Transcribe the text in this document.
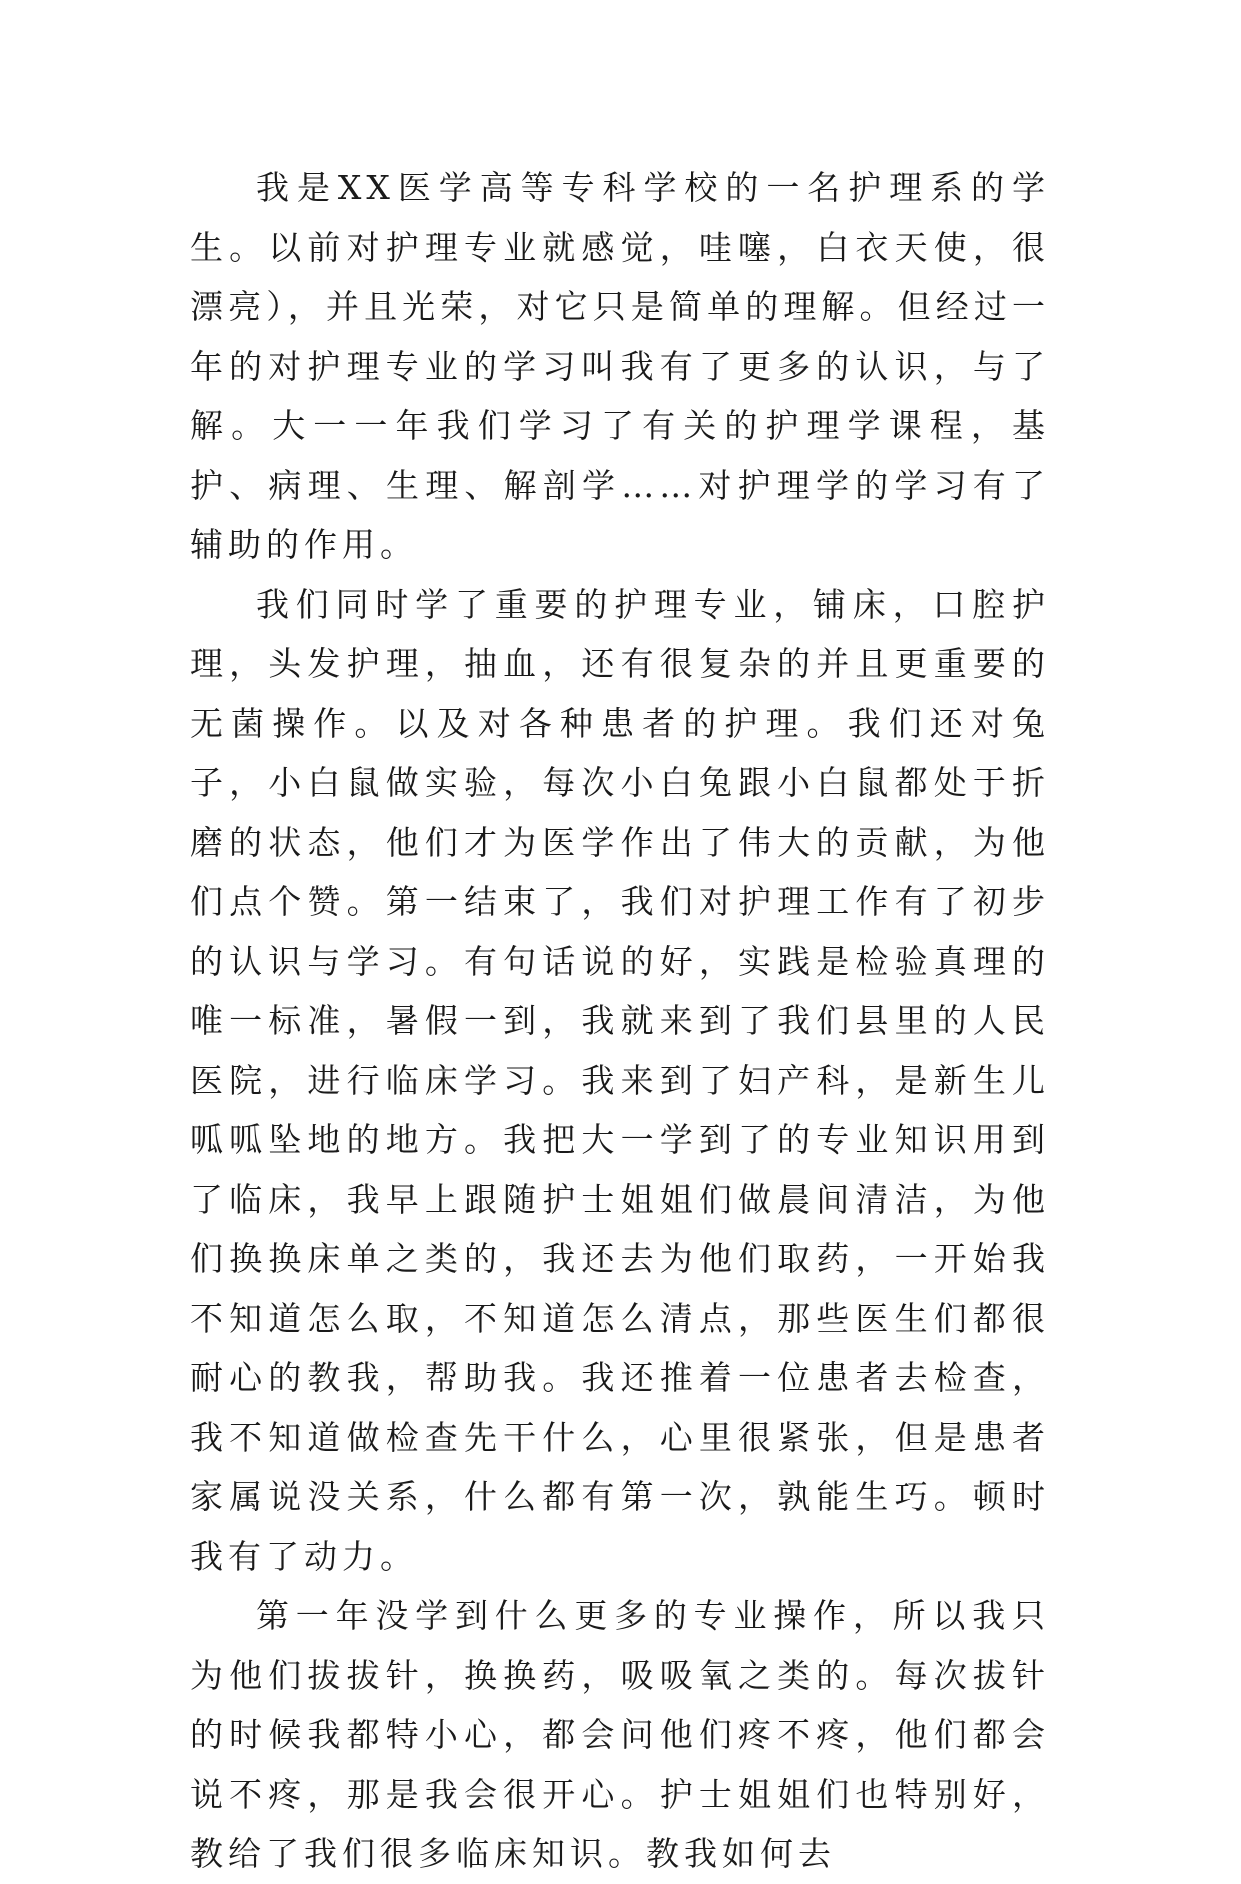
我是XX医学高等专科学校的一名护理系的学生。以前对护理专业就感觉，哇噻，白衣天使，很漂亮），并且光荣，对它只是简单的理解。但经过一年的对护理专业的学习叫我有了更多的认识，与了解。大一一年我们学习了有关的护理学课程，基护、病理、生理、解剖学……对护理学的学习有了辅助的作用。

我们同时学了重要的护理专业，铺床，口腔护理，头发护理，抽血，还有很复杂的并且更重要的无菌操作。以及对各种患者的护理。我们还对兔子，小白鼠做实验，每次小白兔跟小白鼠都处于折磨的状态，他们才为医学作出了伟大的贡献，为他们点个赞。第一结束了，我们对护理工作有了初步的认识与学习。有句话说的好，实践是检验真理的唯一标准，暑假一到，我就来到了我们县里的人民医院，进行临床学习。我来到了妇产科，是新生儿呱呱坠地的地方。我把大一学到了的专业知识用到了临床，我早上跟随护士姐姐们做晨间清洁，为他们换换床单之类的，我还去为他们取药，一开始我不知道怎么取，不知道怎么清点，那些医生们都很耐心的教我，帮助我。我还推着一位患者去检查，我不知道做检查先干什么，心里很紧张，但是患者家属说没关系，什么都有第一次，孰能生巧。顿时我有了动力。

第一年没学到什么更多的专业操作，所以我只为他们拔拔针，换换药，吸吸氧之类的。每次拔针的时候我都特小心，都会问他们疼不疼，他们都会说不疼，那是我会很开心。护士姐姐们也特别好，教给了我们很多临床知识。教我如何去
